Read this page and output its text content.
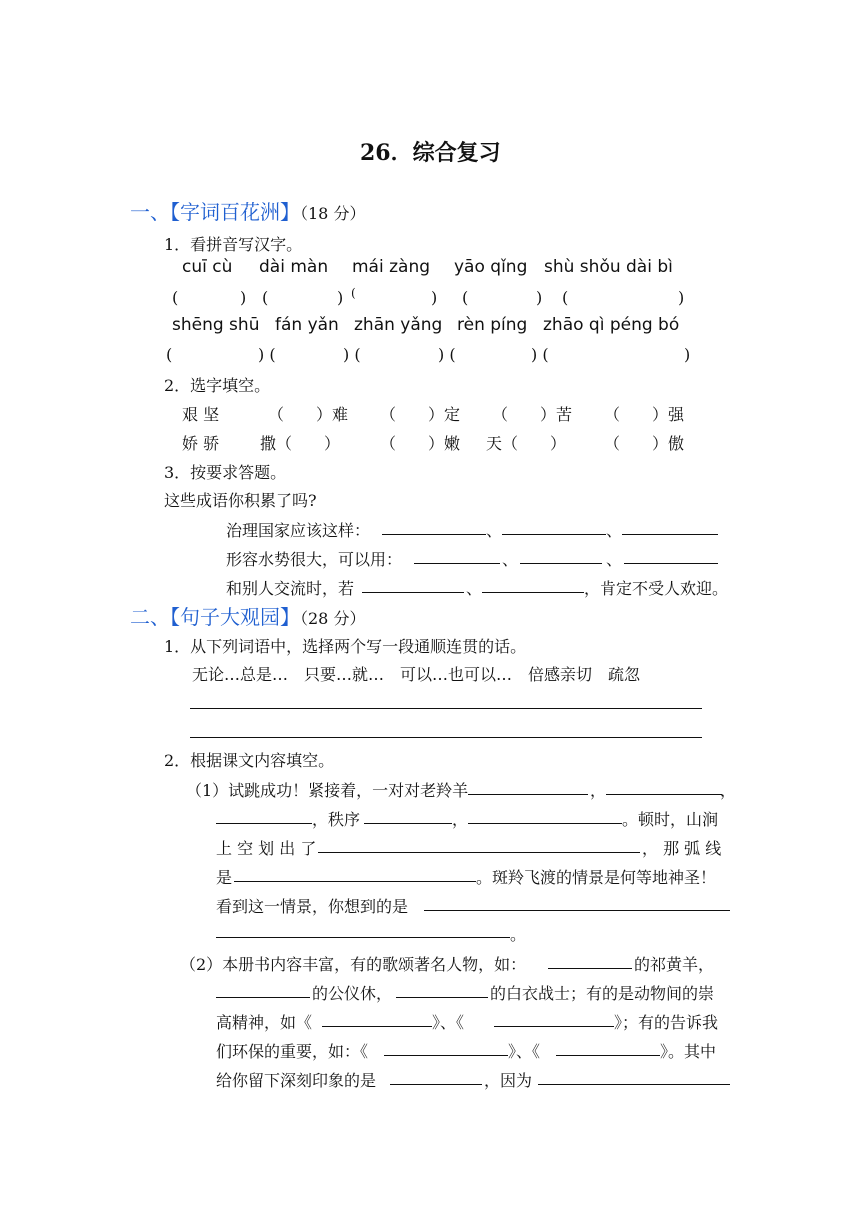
26．综合复习
一、【字词百花洲】（18 分）
1．看拼音写汉字。
cuī cù dài màn mái zàng yāo qǐng shù shǒu dài bì
(	) (	) (	) (	) (	)
shēng shū fán yǎn zhān yǎng rèn píng zhāo qì péng bó
(	) (	) (	) (	) (	)
2．选字填空。
艰 坚	（　　）难 （　　）定 （　　）苦 （　　）强
娇 骄	撒（　　） （　　）嫩 天（　　） （　　）傲
3．按要求答题。
这些成语你积累了吗?
治理国家应该这样：	、	、
形容水势很大，可以用：	、	、
和别人交流时，若	、	，肯定不受人欢迎。
二、【句子大观园】（28 分）
1．从下列词语中，选择两个写一段通顺连贯的话。
无论…总是…　只要…就…　可以…也可以…　倍感亲切　疏忽
2．根据课文内容填空。
（1）试跳成功！紧接着，一对对老羚羊	，	，
，秩序	，	。顿时，山涧
上 空 划 出 了	， 那 弧 线
是	。斑羚飞渡的情景是何等地神圣！
看到这一情景，你想到的是
。
（2）本册书内容丰富，有的歌颂著名人物，如：	的祁黄羊，
的公仪休，	的白衣战士；有的是动物间的崇
高精神，如《	》、《	》；有的告诉我
们环保的重要，如：《	》、《	》。其中
给你留下深刻印象的是	，因为
